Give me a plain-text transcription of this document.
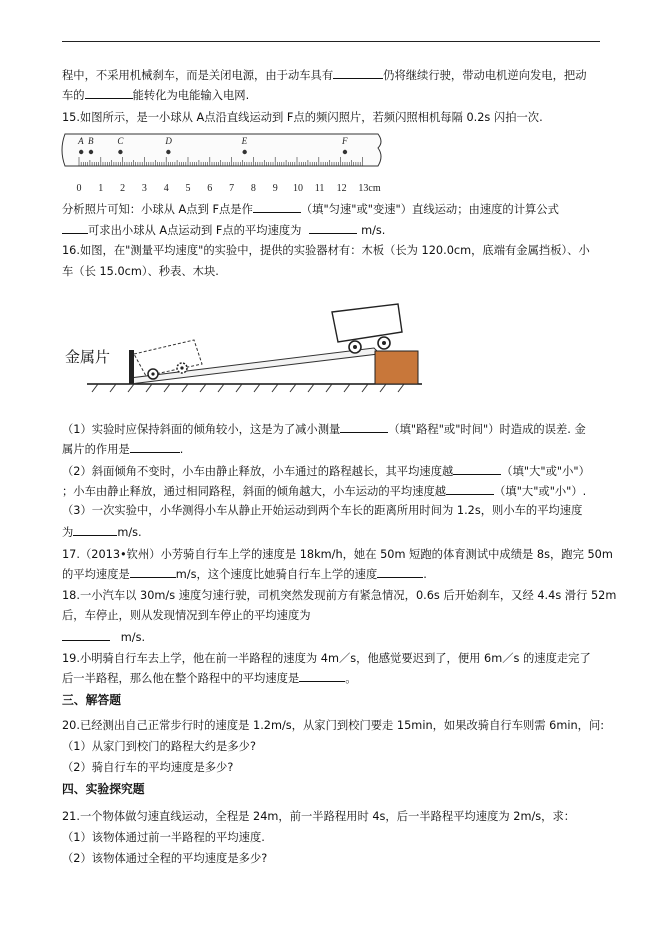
程中，不采用机械刹车，而是关闭电源，由于动车具有	仍将继续行驶，带动电机逆向发电，把动
车的	能转化为电能输入电网.
15.如图所示，是一小球从 A点沿直线运动到 F点的频闪照片，若频闪照相机每隔 0.2s 闪拍一次.
A B	C	D	E	F
0 1 2 3 4 5 6 7 8 9 10 11 12 13cm
分析照片可知：小球从 A点到 F点是作	（填"匀速"或"变速"）直线运动；由速度的计算公式
可求出小球从 A点运动到 F点的平均速度为	m/s.
16.如图，在"测量平均速度"的实验中，提供的实验器材有：木板（长为 120.0cm，底端有金属挡板）、小
车（长 15.0cm）、秒表、木块.
金属片
（1）实验时应保持斜面的倾角较小，这是为了减小测量	（填"路程"或"时间"）时造成的误差. 金
属片的作用是	.
（2）斜面倾角不变时，小车由静止释放，小车通过的路程越长，其平均速度越	（填"大"或"小"）
；小车由静止释放，通过相同路程，斜面的倾角越大，小车运动的平均速度越	（填"大"或"小"）.
（3）一次实验中，小华测得小车从静止开始运动到两个车长的距离所用时间为 1.2s，则小车的平均速度
为	m/s.
17.（2013•钦州）小芳骑自行车上学的速度是 18km/h，她在 50m 短跑的体育测试中成绩是 8s，跑完 50m
的平均速度是	m/s，这个速度比她骑自行车上学的速度	.
18.一小汽车以 30m/s 速度匀速行驶，司机突然发现前方有紧急情况，0.6s 后开始刹车，又经 4.4s 滑行 52m
后，车停止，则从发现情况到车停止的平均速度为
m/s.
19.小明骑自行车去上学，他在前一半路程的速度为 4m／s，他感觉要迟到了，便用 6m／s 的速度走完了
后一半路程，那么他在整个路程中的平均速度是	。
三、解答题
20.已经测出自己正常步行时的速度是 1.2m/s，从家门到校门要走 15min，如果改骑自行车则需 6min，问:
（1）从家门到校门的路程大约是多少?
（2）骑自行车的平均速度是多少?
四、实验探究题
21.一个物体做匀速直线运动，全程是 24m，前一半路程用时 4s，后一半路程平均速度为 2m/s，求：
（1）该物体通过前一半路程的平均速度.
（2）该物体通过全程的平均速度是多少?
